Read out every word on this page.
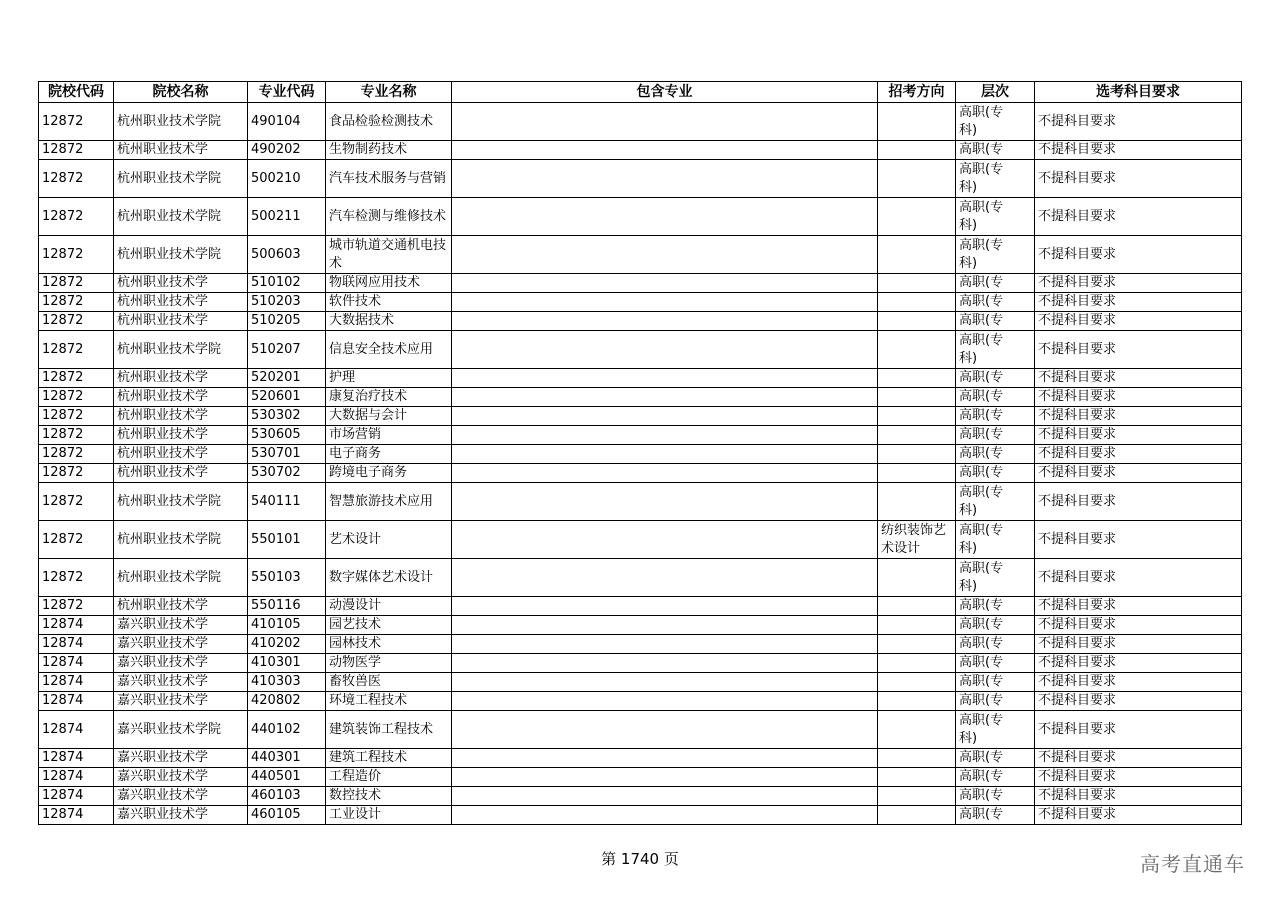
院校代码	院校名称	专业代码	专业名称	包含专业	招考方向	层次	选考科目要求

12872	杭州职业技术学院	490104	食品检验检测技术			高职(专科)	不提科目要求

12872	杭州职业技术学	490202	生物制药技术			高职(专	不提科目要求

12872	杭州职业技术学院	500210	汽车技术服务与营销			高职(专科)	不提科目要求

12872	杭州职业技术学院	500211	汽车检测与维修技术			高职(专科)	不提科目要求

12872	杭州职业技术学院	500603	城市轨道交通机电技术			高职(专科)	不提科目要求

12872	杭州职业技术学	510102	物联网应用技术			高职(专	不提科目要求

12872	杭州职业技术学	510203	软件技术			高职(专	不提科目要求

12872	杭州职业技术学	510205	大数据技术			高职(专	不提科目要求

12872	杭州职业技术学院	510207	信息安全技术应用			高职(专科)	不提科目要求

12872	杭州职业技术学	520201	护理			高职(专	不提科目要求

12872	杭州职业技术学	520601	康复治疗技术			高职(专	不提科目要求

12872	杭州职业技术学	530302	大数据与会计			高职(专	不提科目要求

12872	杭州职业技术学	530605	市场营销			高职(专	不提科目要求

12872	杭州职业技术学	530701	电子商务			高职(专	不提科目要求

12872	杭州职业技术学	530702	跨境电子商务			高职(专	不提科目要求

12872	杭州职业技术学院	540111	智慧旅游技术应用			高职(专科)	不提科目要求

12872	杭州职业技术学院	550101	艺术设计		纺织装饰艺术设计	高职(专科)	不提科目要求

12872	杭州职业技术学院	550103	数字媒体艺术设计			高职(专科)	不提科目要求

12872	杭州职业技术学	550116	动漫设计			高职(专	不提科目要求

12874	嘉兴职业技术学	410105	园艺技术			高职(专	不提科目要求

12874	嘉兴职业技术学	410202	园林技术			高职(专	不提科目要求

12874	嘉兴职业技术学	410301	动物医学			高职(专	不提科目要求

12874	嘉兴职业技术学	410303	畜牧兽医			高职(专	不提科目要求

12874	嘉兴职业技术学	420802	环境工程技术			高职(专	不提科目要求

12874	嘉兴职业技术学院	440102	建筑装饰工程技术			高职(专科)	不提科目要求

12874	嘉兴职业技术学	440301	建筑工程技术			高职(专	不提科目要求

12874	嘉兴职业技术学	440501	工程造价			高职(专	不提科目要求

12874	嘉兴职业技术学	460103	数控技术			高职(专	不提科目要求

12874	嘉兴职业技术学	460105	工业设计			高职(专	不提科目要求
第 1740 页	高考直通车
